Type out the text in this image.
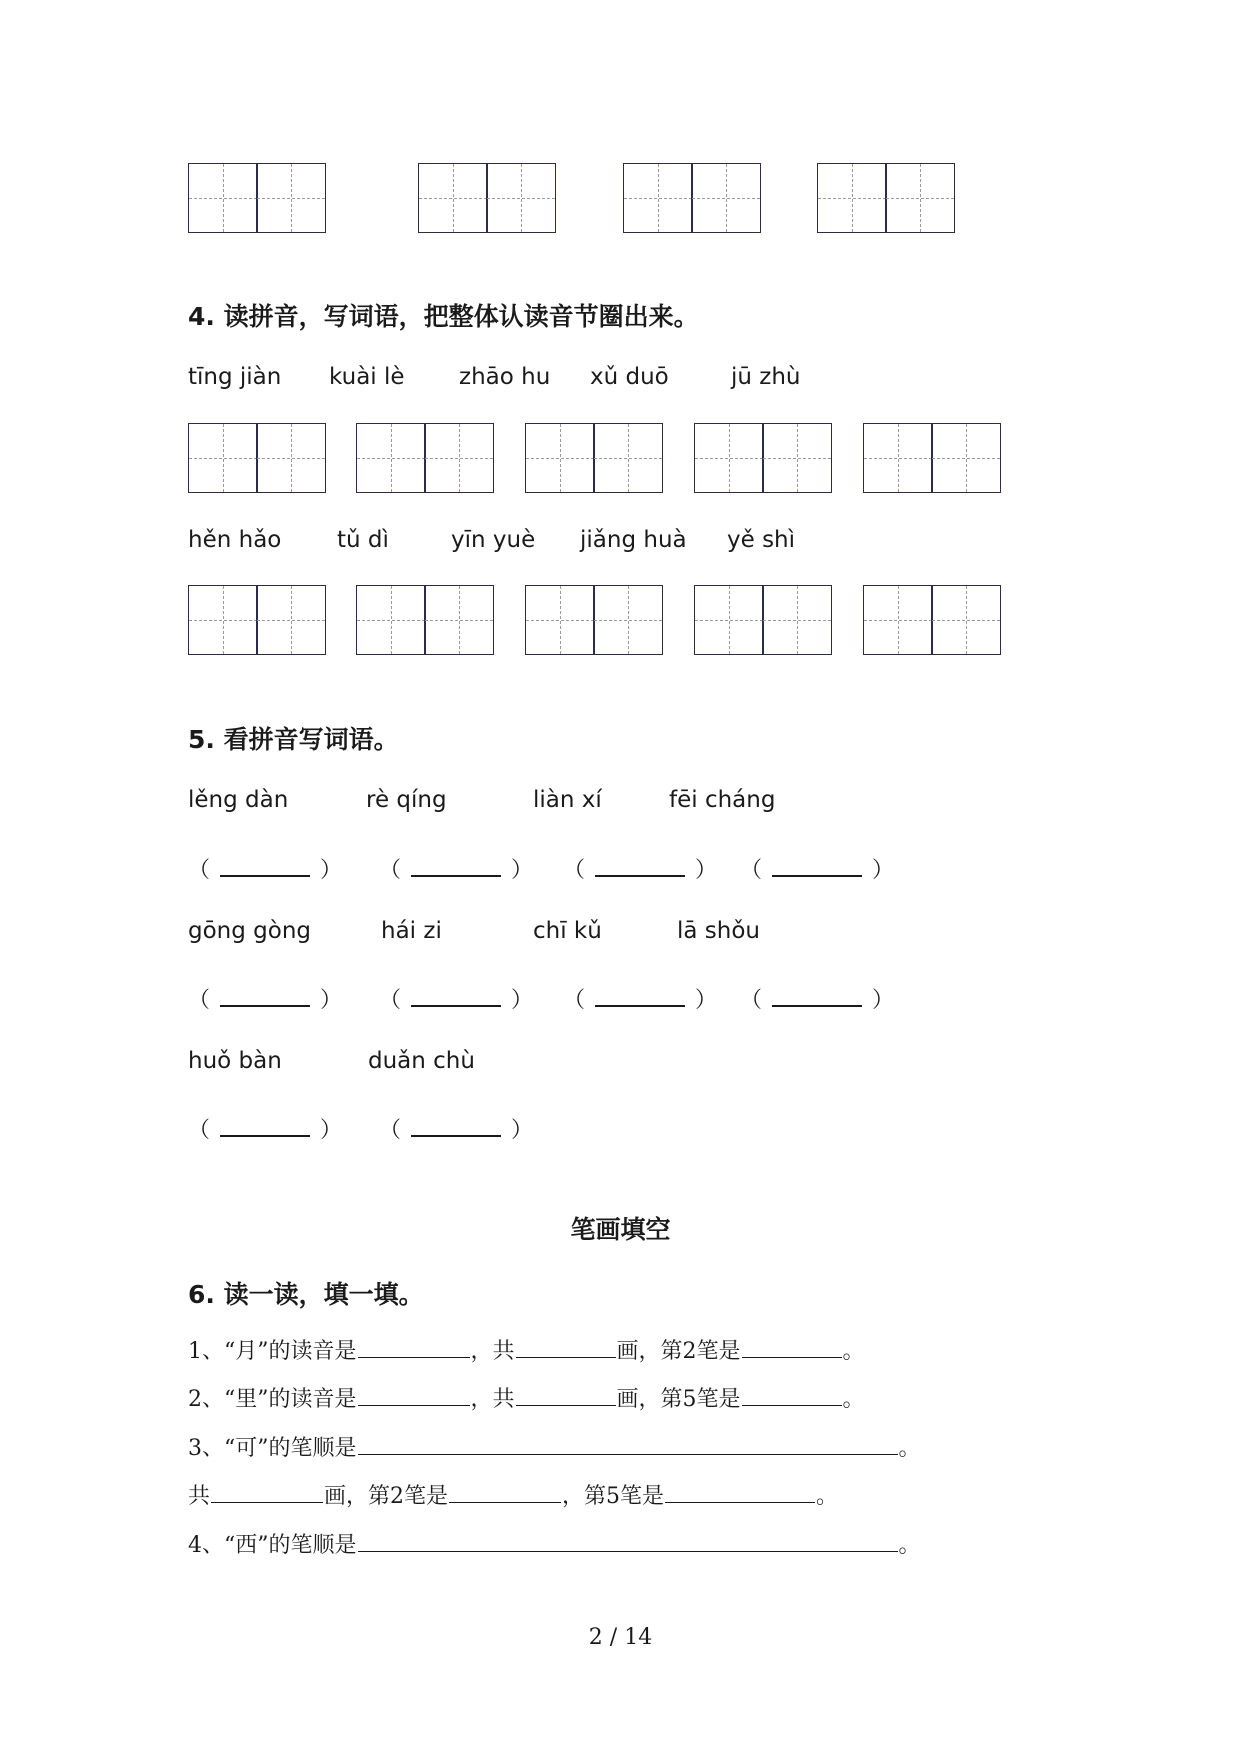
4. 读拼音，写词语，把整体认读音节圈出来。
tīng jiàn kuài lè zhāo hu xǔ duō	jū zhù
hěn hǎo tǔ dì	yīn yuè jiǎng huà yě shì
5. 看拼音写词语。
lěng dàn	rè qíng	liàn xí	fēi cháng
（	） （	） （	） （	）
gōng gòng	hái zi	chī kǔ	lā shǒu
（	） （	） （	） （	）
huǒ bàn	duǎn chù
（	） （	）
笔画填空
6. 读一读，填一填。
1、“月”的读音是	，共	画，第2笔是	。
2、“里”的读音是	，共	画，第5笔是	。
3、“可”的笔顺是	。
共	画，第2笔是	，第5笔是	。
4、“西”的笔顺是	。
2 / 14
